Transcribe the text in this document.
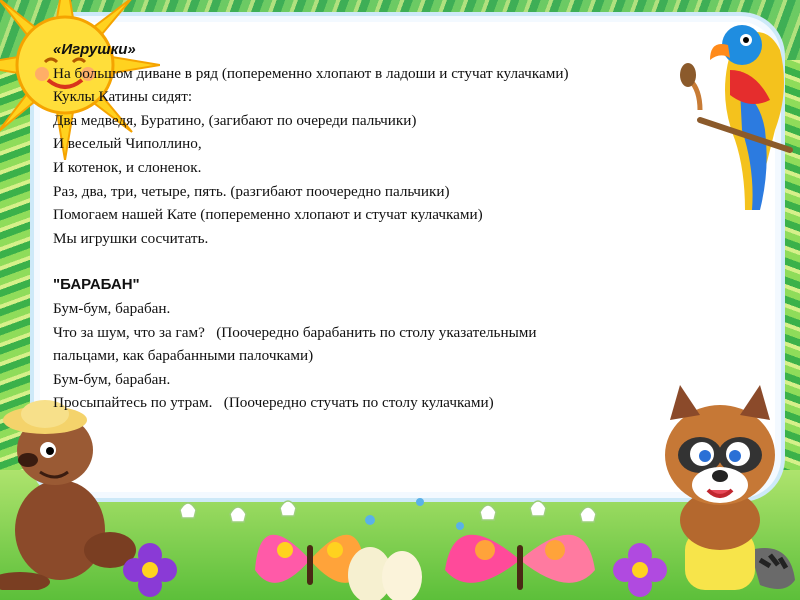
«Игрушки»
На большом диване в ряд (попеременно хлопают в ладоши и стучат кулачками)
Куклы Катины сидят:
Два медведя, Буратино, (загибают по очереди пальчики)
И веселый Чиполлино,
И котенок, и слоненок.
Раз, два, три, четыре, пять. (разгибают поочередно пальчики)
Помогаем нашей Кате (попеременно хлопают и стучат кулачками)
Мы игрушки сосчитать.
"БАРАБАН"
Бум-бум, барабан.
Что за шум, что за гам?   (Поочередно барабанить по столу указательными
пальцами, как барабанными палочками)
Бум-бум, барабан.
Просыпайтесь по утрам.   (Поочередно стучать по столу кулачками)
